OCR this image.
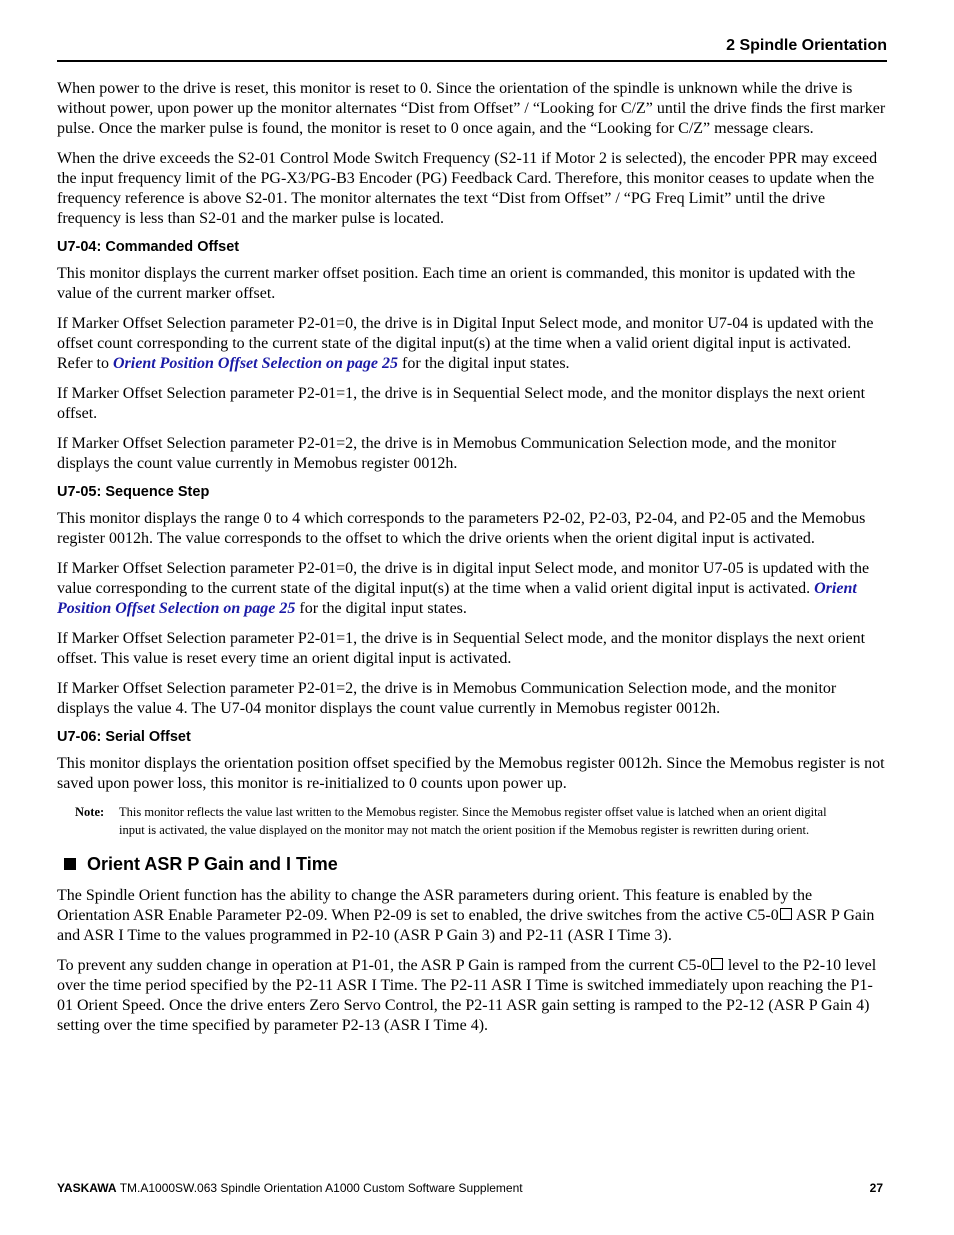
2 Spindle Orientation

When power to the drive is reset, this monitor is reset to 0. Since the orientation of the spindle is unknown while the drive is without power, upon power up the monitor alternates “Dist from Offset” / “Looking for C/Z” until the drive finds the first marker pulse. Once the marker pulse is found, the monitor is reset to 0 once again, and the “Looking for C/Z” message clears.

When the drive exceeds the S2-01 Control Mode Switch Frequency (S2-11 if Motor 2 is selected), the encoder PPR may exceed the input frequency limit of the PG-X3/PG-B3 Encoder (PG) Feedback Card. Therefore, this monitor ceases to update when the frequency reference is above S2-01. The monitor alternates the text “Dist from Offset” / “PG Freq Limit” until the drive frequency is less than S2-01 and the marker pulse is located.

U7-04: Commanded Offset

This monitor displays the current marker offset position. Each time an orient is commanded, this monitor is updated with the value of the current marker offset.

If Marker Offset Selection parameter P2-01=0, the drive is in Digital Input Select mode, and monitor U7-04 is updated with the offset count corresponding to the current state of the digital input(s) at the time when a valid orient digital input is activated. Refer to Orient Position Offset Selection on page 25 for the digital input states.

If Marker Offset Selection parameter P2-01=1, the drive is in Sequential Select mode, and the monitor displays the next orient offset.

If Marker Offset Selection parameter P2-01=2, the drive is in Memobus Communication Selection mode, and the monitor displays the count value currently in Memobus register 0012h.

U7-05: Sequence Step

This monitor displays the range 0 to 4 which corresponds to the parameters P2-02, P2-03, P2-04, and P2-05 and the Memobus register 0012h. The value corresponds to the offset to which the drive orients when the orient digital input is activated.

If Marker Offset Selection parameter P2-01=0, the drive is in digital input Select mode, and monitor U7-05 is updated with the value corresponding to the current state of the digital input(s) at the time when a valid orient digital input is activated. Orient Position Offset Selection on page 25 for the digital input states.

If Marker Offset Selection parameter P2-01=1, the drive is in Sequential Select mode, and the monitor displays the next orient offset. This value is reset every time an orient digital input is activated.

If Marker Offset Selection parameter P2-01=2, the drive is in Memobus Communication Selection mode, and the monitor displays the value 4. The U7-04 monitor displays the count value currently in Memobus register 0012h.

U7-06: Serial Offset

This monitor displays the orientation position offset specified by the Memobus register 0012h. Since the Memobus register is not saved upon power loss, this monitor is re-initialized to 0 counts upon power up.

Note:	This monitor reflects the value last written to the Memobus register. Since the Memobus register offset value is latched when an orient digital input is activated, the value displayed on the monitor may not match the orient position if the Memobus register is rewritten during orient.
Orient ASR P Gain and I Time

The Spindle Orient function has the ability to change the ASR parameters during orient. This feature is enabled by the Orientation ASR Enable Parameter P2-09. When P2-09 is set to enabled, the drive switches from the active C5-0 ASR P Gain and ASR I Time to the values programmed in P2-10 (ASR P Gain 3) and P2-11 (ASR I Time 3).

To prevent any sudden change in operation at P1-01, the ASR P Gain is ramped from the current C5-0 level to the P2-10 level over the time period specified by the P2-11 ASR I Time. The P2-11 ASR I Time is switched immediately upon reaching the P1-01 Orient Speed. Once the drive enters Zero Servo Control, the P2-11 ASR gain setting is ramped to the P2-12 (ASR P Gain 4) setting over the time specified by parameter P2-13 (ASR I Time 4).

YASKAWA TM.A1000SW.063 Spindle Orientation A1000 Custom Software Supplement	27
